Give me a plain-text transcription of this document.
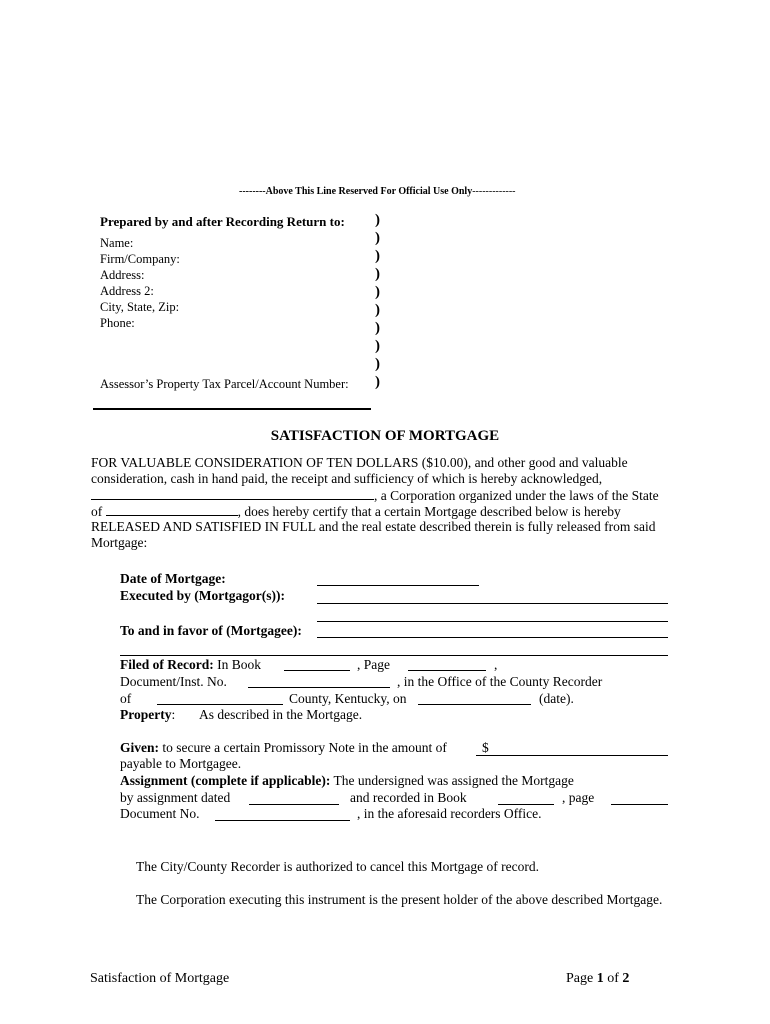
--------Above This Line Reserved For Official Use Only-------------
Prepared by and after Recording Return to:
Name:
Firm/Company:
Address:
Address 2:
City, State, Zip:
Phone:
Assessor’s Property Tax Parcel/Account Number:
)
)
)
)
)
)
)
)
)
)
SATISFACTION OF MORTGAGE
FOR VALUABLE CONSIDERATION OF TEN DOLLARS ($10.00), and other good and valuable
consideration, cash in hand paid, the receipt and sufficiency of which is hereby acknowledged,
, a Corporation organized under the laws of the State
of	, does hereby certify that a certain Mortgage described below is hereby
RELEASED AND SATISFIED IN FULL and the real estate described therein is fully released from said
Mortgage:
Date of Mortgage:
Executed by (Mortgagor(s)):
To and in favor of (Mortgagee):
Filed of Record: In Book	, Page	,
Document/Inst. No.	, in the Office of the County Recorder
of	County, Kentucky, on	(date).
Property: As described in the Mortgage.
Given: to secure a certain Promissory Note in the amount of	$
payable to Mortgagee.
Assignment (complete if applicable): The undersigned was assigned the Mortgage
by assignment dated	and recorded in Book	, page
Document No.	, in the aforesaid recorders Office.
The City/County Recorder is authorized to cancel this Mortgage of record.
The Corporation executing this instrument is the present holder of the above described Mortgage.
Satisfaction of Mortgage	Page 1 of 2
